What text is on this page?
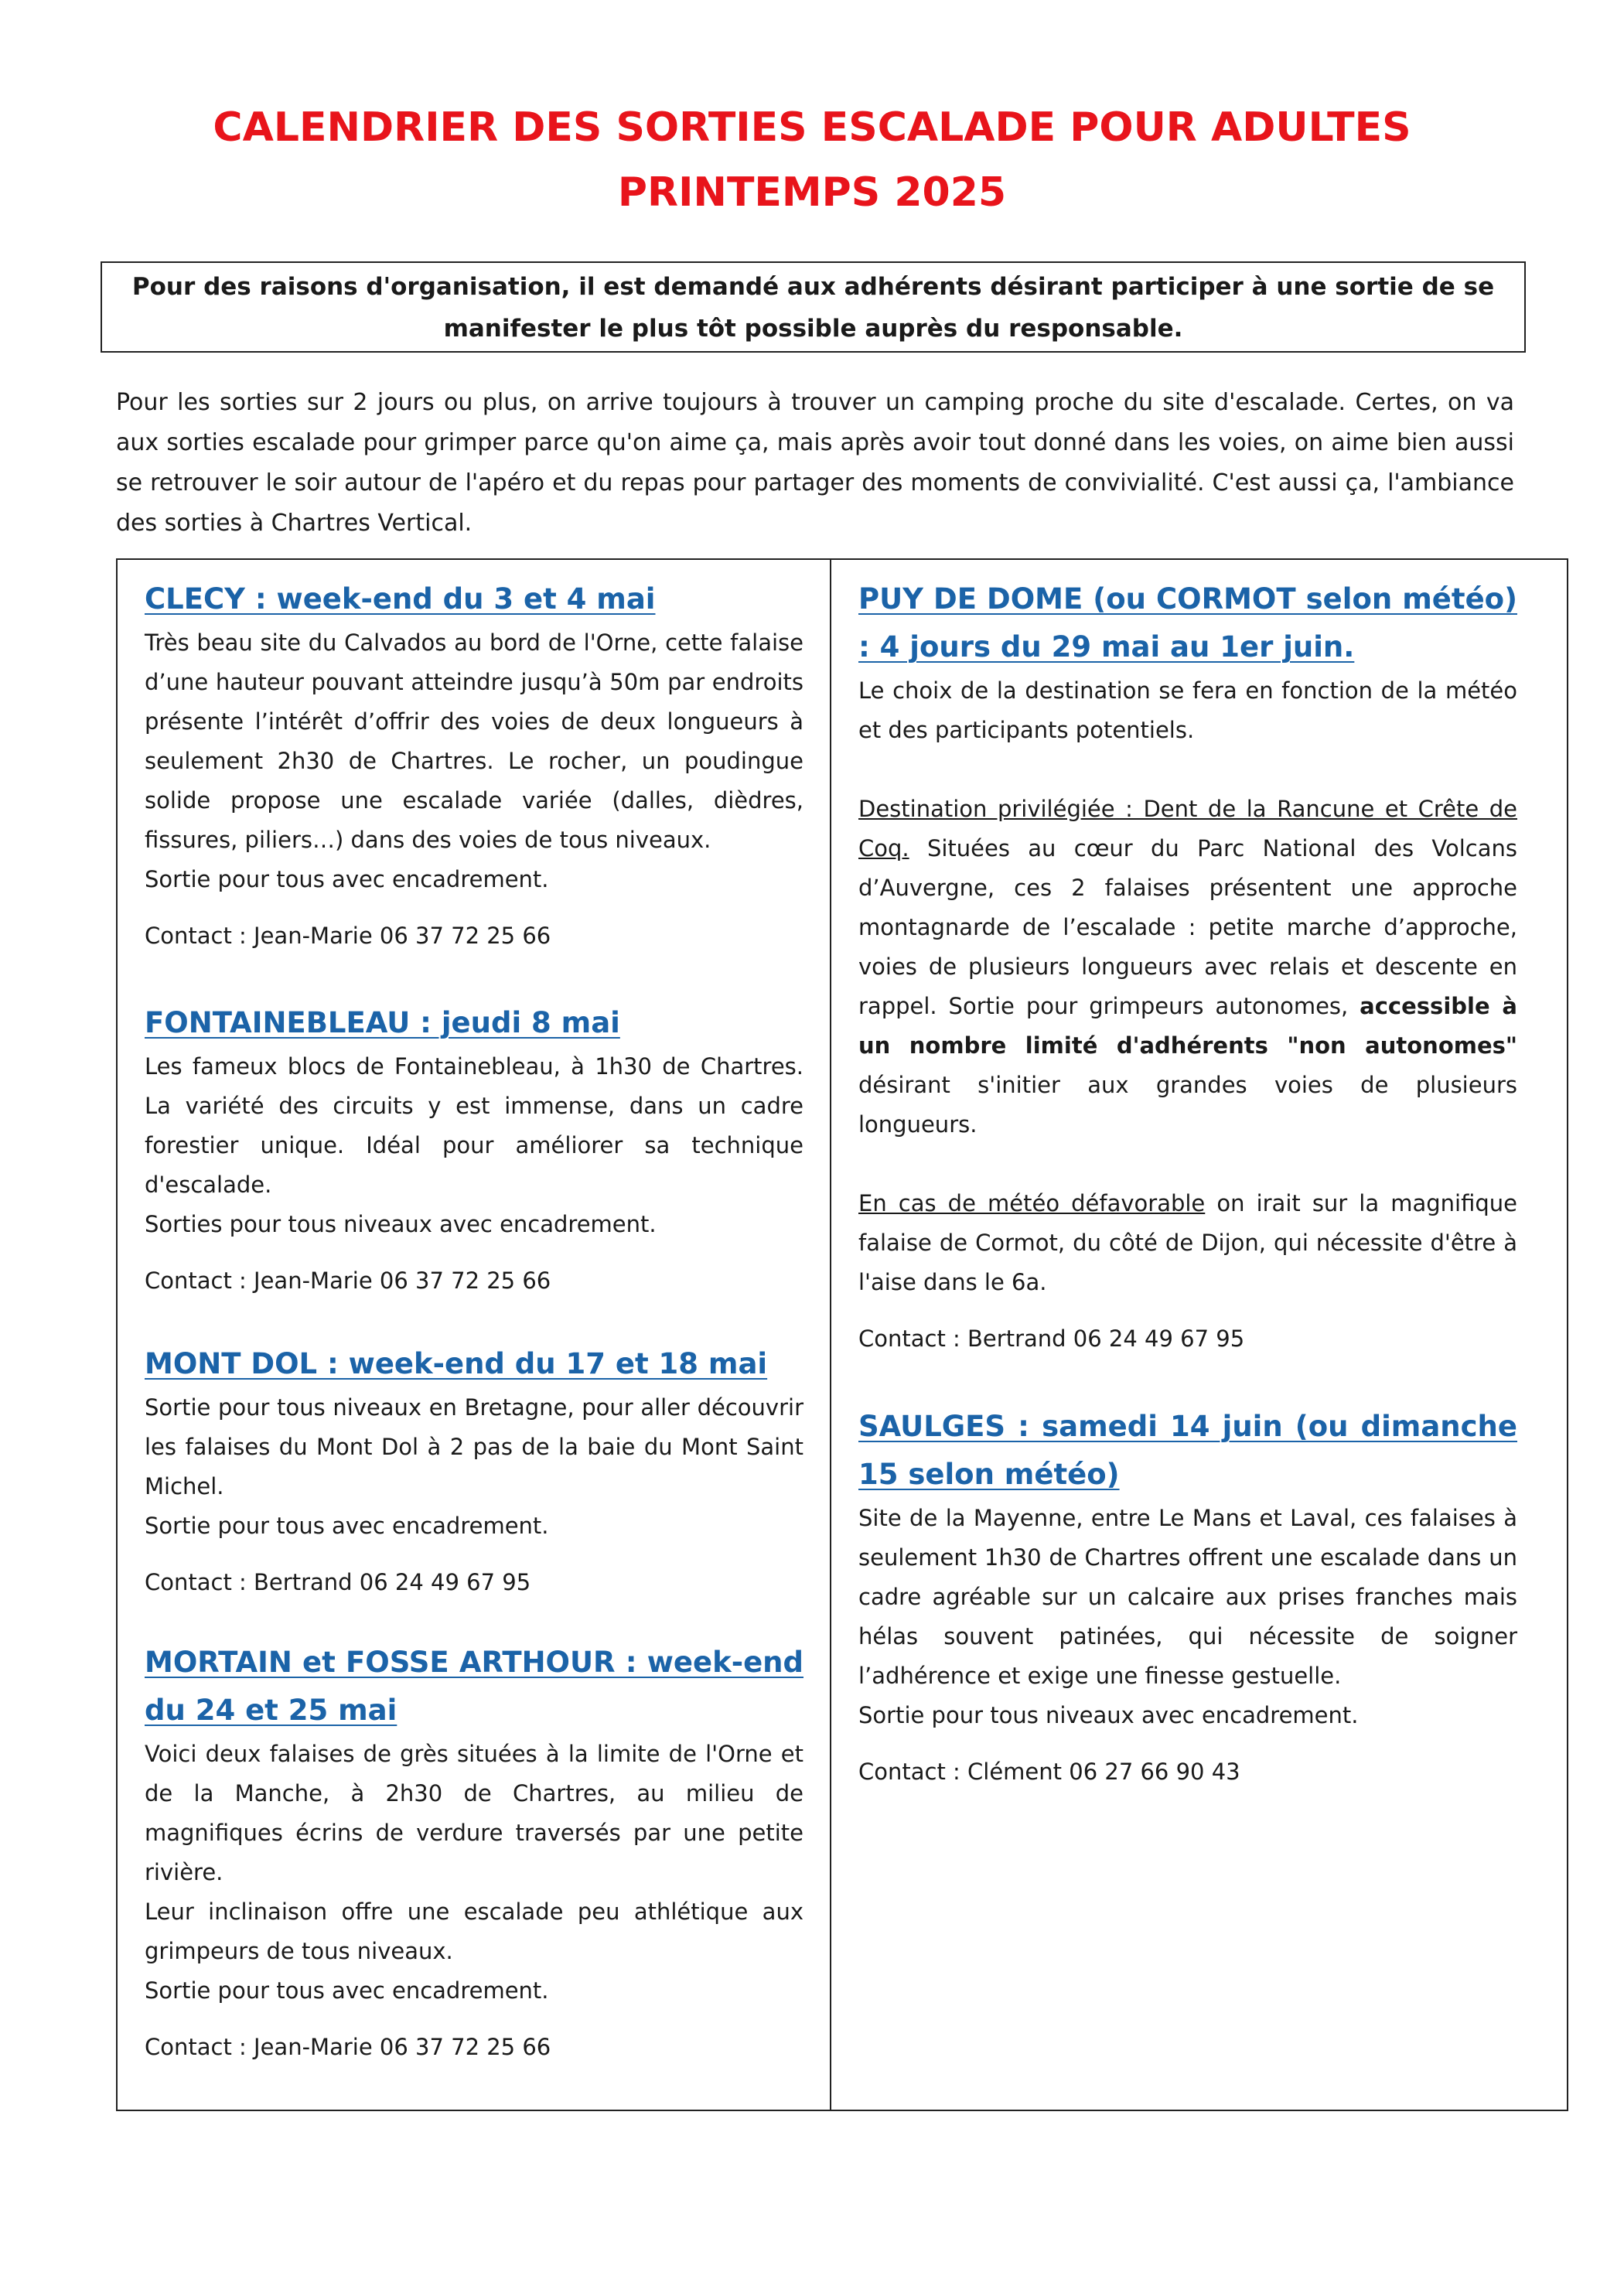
CALENDRIER DES SORTIES ESCALADE POUR ADULTES
PRINTEMPS 2025
Pour des raisons d'organisation, il est demandé aux adhérents désirant participer à une sortie de se manifester le plus tôt possible auprès du responsable.

Pour les sorties sur 2 jours ou plus, on arrive toujours à trouver un camping proche du site d'escalade. Certes, on va aux sorties escalade pour grimper parce qu'on aime ça, mais après avoir tout donné dans les voies, on aime bien aussi se retrouver le soir autour de l'apéro et du repas pour partager des moments de convivialité. C'est aussi ça, l'ambiance des sorties à Chartres Vertical.

CLECY : week-end du 3 et 4 mai

Très beau site du Calvados au bord de l'Orne, cette falaise d’une hauteur pouvant atteindre jusqu’à 50m par endroits présente l’intérêt d’offrir des voies de deux longueurs à seulement 2h30 de Chartres. Le rocher, un poudingue solide propose une escalade variée (dalles, dièdres, fissures, piliers…) dans des voies de tous niveaux.

Sortie pour tous avec encadrement.

Contact : Jean-Marie 06 37 72 25 66

FONTAINEBLEAU : jeudi 8 mai

Les fameux blocs de Fontainebleau, à 1h30 de Chartres. La variété des circuits y est immense, dans un cadre forestier unique. Idéal pour améliorer sa technique d'escalade.

Sorties pour tous niveaux avec encadrement.

Contact : Jean-Marie 06 37 72 25 66

MONT DOL : week-end du 17 et 18 mai

Sortie pour tous niveaux en Bretagne, pour aller découvrir les falaises du Mont Dol à 2 pas de la baie du Mont Saint Michel.

Sortie pour tous avec encadrement.

Contact : Bertrand 06 24 49 67 95

MORTAIN et FOSSE ARTHOUR : week-end du 24 et 25 mai

Voici deux falaises de grès situées à la limite de l'Orne et de la Manche, à 2h30 de Chartres, au milieu de magnifiques écrins de verdure traversés par une petite rivière.

Leur inclinaison offre une escalade peu athlétique aux grimpeurs de tous niveaux.

Sortie pour tous avec encadrement.

Contact : Jean-Marie 06 37 72 25 66

PUY DE DOME (ou CORMOT selon météo) : 4 jours du 29 mai au 1er juin.

Le choix de la destination se fera en fonction de la météo et des participants potentiels.

Destination privilégiée : Dent de la Rancune et Crête de Coq. Situées au cœur du Parc National des Volcans d’Auvergne, ces 2 falaises présentent une approche montagnarde de l’escalade : petite marche d’approche, voies de plusieurs longueurs avec relais et descente en rappel. Sortie pour grimpeurs autonomes, accessible à un nombre limité d'adhérents "non autonomes" désirant s'initier aux grandes voies de plusieurs longueurs.

En cas de météo défavorable on irait sur la magnifique falaise de Cormot, du côté de Dijon, qui nécessite d'être à l'aise dans le 6a.

Contact : Bertrand 06 24 49 67 95

SAULGES : samedi 14 juin (ou dimanche 15 selon météo)

Site de la Mayenne, entre Le Mans et Laval, ces falaises à seulement 1h30 de Chartres offrent une escalade dans un cadre agréable sur un calcaire aux prises franches mais hélas souvent patinées, qui nécessite de soigner l’adhérence et exige une finesse gestuelle.

Sortie pour tous niveaux avec encadrement.

Contact : Clément 06 27 66 90 43
